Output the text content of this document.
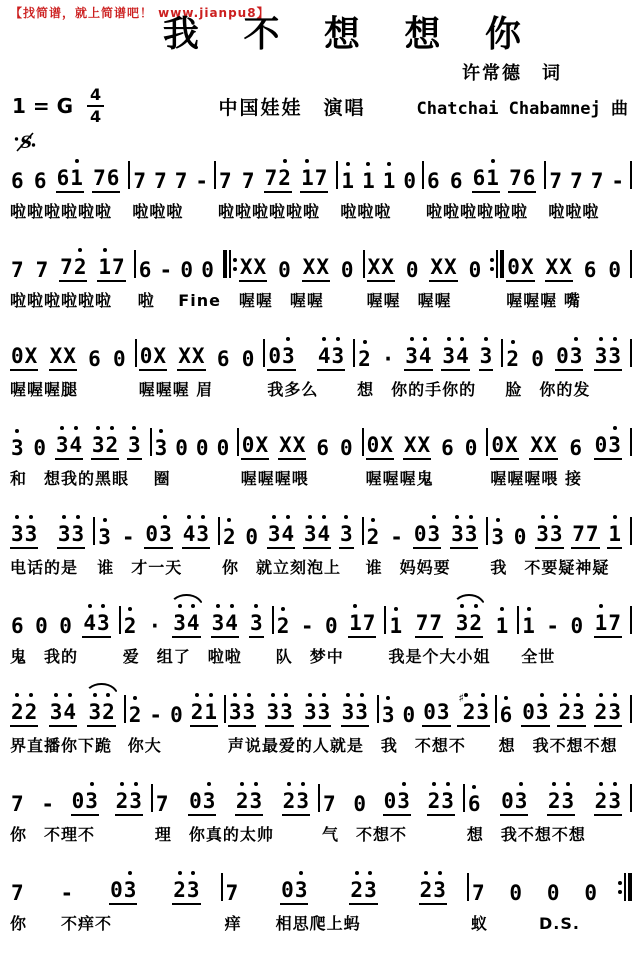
【找简谱，就上简谱吧！ www.jianpu8】
我 不 想 想 你
许常德　词
1 = G $\frac{4}{4}$	中国娃娃　演唱	Chatchai Chabamnej 曲
S
6 6 6 1 7 6
啦啦啦啦啦啦
7 7 7 -
啦啦啦
7 7 7 2 1 7
啦啦啦啦啦啦
1 1 1 0
啦啦啦
6 6 6 1 7 6
啦啦啦啦啦啦
7 7 7 -
啦啦啦
7 7 7 2 1 7
啦啦啦啦啦啦
6 - 0 0
啦　 Fine
X X 0 X X 0
喔喔　喔喔
X X 0 X X 0
喔喔　喔喔
0 X X X 6 0
喔喔喔 嘴
0 X X X 6 0
喔喔喔腿
0 X X X 6 0
喔喔喔 眉
0 3 4 3
我多么
2 · 3 4 3 4 3
想　你的手你的
2 0 0 3 3 3
脸　你的发
3 0 3 4 3 2 3
和　想我的黑眼
3 0 0 0
圈
0 X X X 6 0
喔喔喔喂
0 X X X 6 0
喔喔喔鬼
0 X X X 6 0 3
喔喔喔喂 接
3 3 3 3
电话的是
3 - 0 3 4 3
谁　才一天
2 0 3 4 3 4 3
你　就立刻泡上
2 - 0 3 3 3
谁　妈妈要
3 0 3 3 7 7 1
我　不要疑神疑
6 0 0 4 3
鬼　我的
2 · 3 4 3 4 3
爱　组了　啦啦
2 - 0 1 7
队　梦中
1 7 7 3 2 1
我是个大小姐
1 - 0 1 7
全世
2 2 3 4 3 2
界直播你下跪
2 - 0 2 1
你大
3 3 3 3 3 3 3 3
声说最爱的人就是
3 0 0 3
♯2 3
我　不想不
6 0 3 2 3 2 3
想　我不想不想
7 - 0 3 2 3
你　不理不
7 0 3 2 3 2 3
理　你真的太帅
7 0 0 3 2 3
气　不想不
6 0 3 2 3 2 3
想　我不想不想
7 - 0 3 2 3
你　　不痒不
7 0 3 2 3 2 3
痒　　相思爬上蚂
7 0 0 0
蚁　　　D.S.
